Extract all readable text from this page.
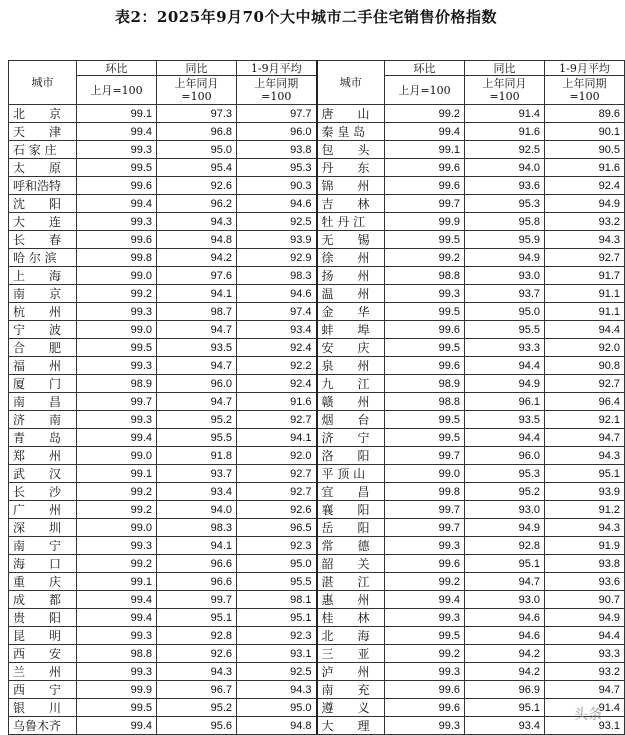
表2：2025年9月70个大中城市二手住宅销售价格指数
城市	环比	同比	1-9月平均	城市	环比	同比	1-9月平均
	上月=100	上年同月=100	上年同期=100		上月=100	上年同月=100	上年同期=100
北　　京	99.1	97.3	97.7	唐　　山	99.2	91.4	89.6
天　　津	99.4	96.8	96.0	秦 皇 岛	99.4	91.6	90.1
石 家 庄	99.3	95.0	93.8	包　　头	99.1	92.5	90.5
太　　原	99.5	95.4	95.3	丹　　东	99.6	94.0	91.6
呼和浩特	99.6	92.6	90.3	锦　　州	99.6	93.6	92.4
沈　　阳	99.4	96.2	94.6	吉　　林	99.7	95.3	94.9
大　　连	99.3	94.3	92.5	牡 丹 江	99.9	95.8	93.2
长　　春	99.6	94.8	93.9	无　　锡	99.5	95.9	94.3
哈 尔 滨	99.8	94.2	92.9	徐　　州	99.2	94.9	92.7
上　　海	99.0	97.6	98.3	扬　　州	98.8	93.0	91.7
南　　京	99.2	94.1	94.6	温　　州	99.3	93.7	91.1
杭　　州	99.3	98.7	97.4	金　　华	99.5	95.0	91.1
宁　　波	99.0	94.7	93.4	蚌　　埠	99.6	95.5	94.4
合　　肥	99.5	93.5	92.4	安　　庆	99.5	93.3	92.0
福　　州	99.3	94.7	92.2	泉　　州	99.6	94.4	90.8
厦　　门	98.9	96.0	92.4	九　　江	98.9	94.9	92.7
南　　昌	99.7	94.7	91.6	赣　　州	98.8	96.1	96.4
济　　南	99.3	95.2	92.7	烟　　台	99.5	93.5	92.1
青　　岛	99.4	95.5	94.1	济　　宁	99.5	94.4	94.7
郑　　州	99.0	91.8	92.0	洛　　阳	99.7	96.0	94.3
武　　汉	99.1	93.7	92.7	平 顶 山	99.0	95.3	95.1
长　　沙	99.2	93.4	92.7	宜　　昌	99.8	95.2	93.9
广　　州	99.2	94.0	92.6	襄　　阳	99.7	93.0	91.2
深　　圳	99.0	98.3	96.5	岳　　阳	99.7	94.9	94.3
南　　宁	99.3	94.1	92.3	常　　德	99.3	92.8	91.9
海　　口	99.2	96.6	95.0	韶　　关	99.6	95.1	93.8
重　　庆	99.1	96.6	95.5	湛　　江	99.2	94.7	93.6
成　　都	99.4	99.7	98.1	惠　　州	99.4	93.0	90.7
贵　　阳	99.4	95.1	95.1	桂　　林	99.3	94.6	94.9
昆　　明	99.3	92.8	92.3	北　　海	99.5	94.6	94.4
西　　安	98.8	92.6	93.1	三　　亚	99.2	94.2	93.3
兰　　州	99.3	94.3	92.5	泸　　州	99.3	94.2	93.2
西　　宁	99.9	96.7	94.3	南　　充	99.6	96.9	94.7
银　　川	99.5	95.2	95.0	遵　　义	99.6	95.1	91.4
乌鲁木齐	99.4	95.6	94.8	大　　理	99.3	93.4	93.1
头条
